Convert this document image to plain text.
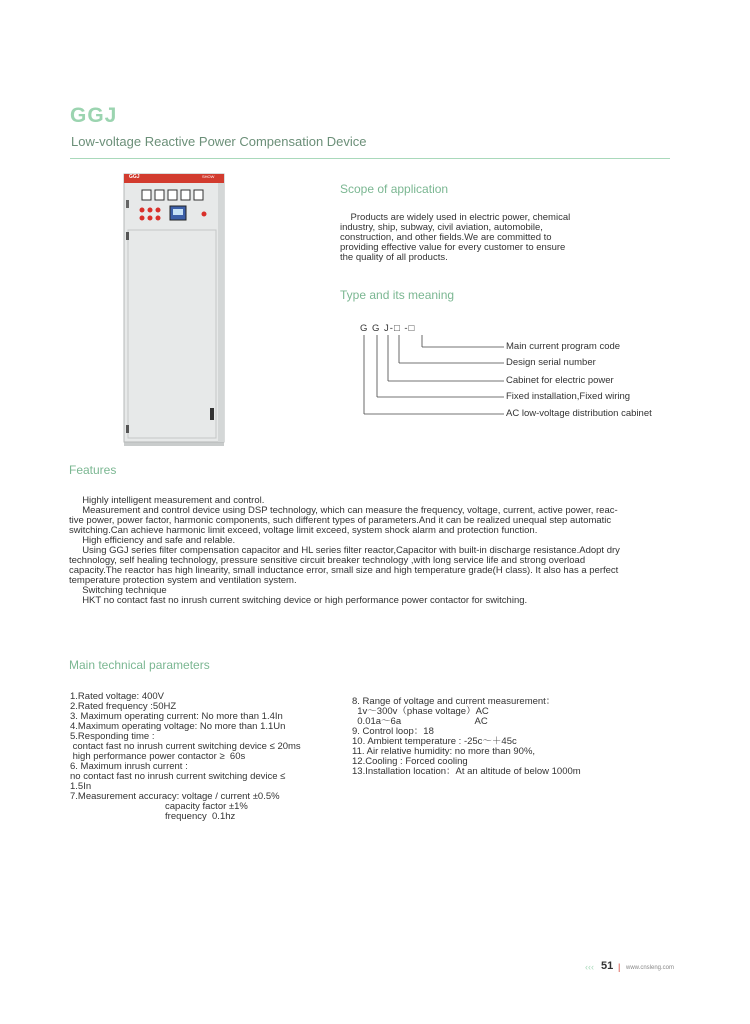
GGJ
Low-voltage Reactive Power Compensation Device
GGJ	SHOW
Scope of application
Products are widely used in electric power, chemical
industry, ship, subway, civil aviation, automobile,
construction, and other fields.We are committed to
providing effective value for every customer to ensure
the quality of all products.
Type and its meaning
G G J-□ -□
Main current program code
Design serial number
Cabinet for electric power
Fixed installation,Fixed wiring
AC low-voltage distribution cabinet
Features
Highly intelligent measurement and control.
Measurement and control device using DSP technology, which can measure the frequency, voltage, current, active power, reac-
tive power, power factor, harmonic components, such different types of parameters.And it can be realized unequal step automatic
switching.Can achieve harmonic limit exceed, voltage limit exceed, system shock alarm and protection function.
High efficiency and safe and relable.
Using GGJ series filter compensation capacitor and HL series filter reactor,Capacitor with built-in discharge resistance.Adopt dry
technology, self healing technology, pressure sensitive circuit breaker technology ,with long service life and strong overload
capacity.The reactor has high linearity, small inductance error, small size and high temperature grade(H class). It also has a perfect
temperature protection system and ventilation system.
Switching technique
HKT no contact fast no inrush current switching device or high performance power contactor for switching.
Main technical parameters
1.Rated voltage: 400V
2.Rated frequency :50HZ
3. Maximum operating current: No more than 1.4In
4.Maximum operating voltage: No more than 1.1Un
5.Responding time :
contact fast no inrush current switching device ≤ 20ms
high performance power contactor ≥  60s
6. Maximum inrush current :
no contact fast no inrush current switching device ≤
1.5In
7.Measurement accuracy: voltage / current ±0.5%
capacity factor ±1%
frequency  0.1hz
8. Range of voltage and current measurement：
1v～300v（phase voltage）AC
0.01a～6a                            AC
9. Control loop：18
10. Ambient temperature : -25c～＋45c
11. Air relative humidity: no more than 90%,
12.Cooling : Forced cooling
13.Installation location：At an altitude of below 1000m
‹‹‹ 51 | www.cnsleng.com
